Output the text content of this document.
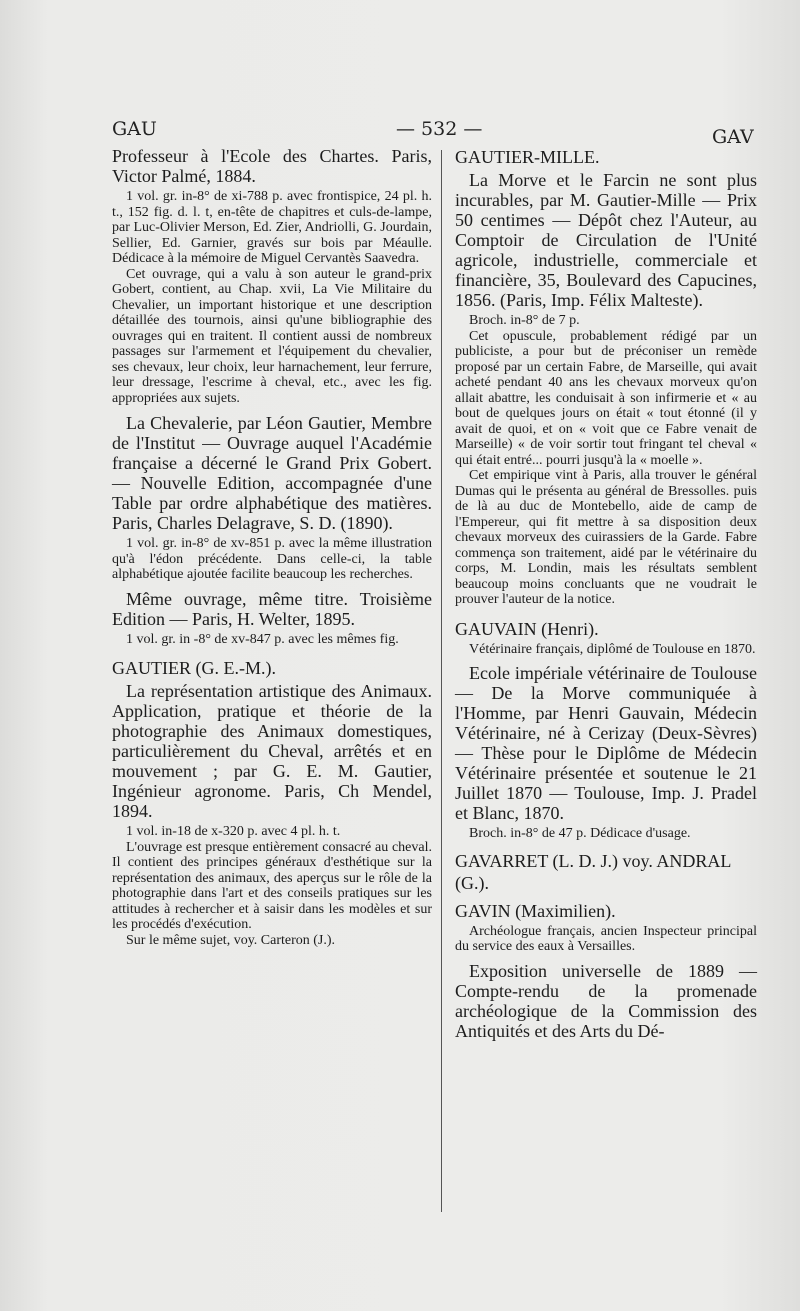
GAU	— 532 —	GAV

Professeur à l'Ecole des Chartes. Paris, Victor Palmé, 1884.

1 vol. gr. in-8° de xi-788 p. avec frontispice, 24 pl. h. t., 152 fig. d. l. t, en-tête de chapitres et culs-de-lampe, par Luc-Olivier Merson, Ed. Zier, Andriolli, G. Jourdain, Sellier, Ed. Garnier, gravés sur bois par Méaulle. Dédicace à la mémoire de Miguel Cervantès Saavedra.

Cet ouvrage, qui a valu à son auteur le grand-prix Gobert, contient, au Chap. xvii, La Vie Militaire du Chevalier, un important historique et une description détaillée des tournois, ainsi qu'une bibliographie des ouvrages qui en traitent. Il contient aussi de nombreux passages sur l'armement et l'équipement du chevalier, ses chevaux, leur choix, leur harnachement, leur ferrure, leur dressage, l'escrime à cheval, etc., avec les fig. appropriées aux sujets.

La Chevalerie, par Léon Gautier, Membre de l'Institut — Ouvrage auquel l'Académie française a décerné le Grand Prix Gobert. — Nouvelle Edition, accompagnée d'une Table par ordre alphabétique des matières. Paris, Charles Delagrave, S. D. (1890).

1 vol. gr. in-8° de xv-851 p. avec la même illustration qu'à l'édon précédente. Dans celle-ci, la table alphabétique ajoutée facilite beaucoup les recherches.

Même ouvrage, même titre. Troisième Edition — Paris, H. Welter, 1895.

1 vol. gr. in -8° de xv-847 p. avec les mêmes fig.

GAUTIER (G. E.-M.).

La représentation artistique des Animaux. Application, pratique et théorie de la photographie des Animaux domestiques, particulièrement du Cheval, arrêtés et en mouvement ; par G. E. M. Gautier, Ingénieur agronome. Paris, Ch Mendel, 1894.

1 vol. in-18 de x-320 p. avec 4 pl. h. t.

L'ouvrage est presque entièrement consacré au cheval. Il contient des principes généraux d'esthétique sur la représentation des animaux, des aperçus sur le rôle de la photographie dans l'art et des conseils pratiques sur les attitudes à rechercher et à saisir dans les modèles et sur les procédés d'exécution.

Sur le même sujet, voy. Carteron (J.).

GAUTIER-MILLE.

La Morve et le Farcin ne sont plus incurables, par M. Gautier-Mille — Prix 50 centimes — Dépôt chez l'Auteur, au Comptoir de Circulation de l'Unité agricole, industrielle, commerciale et financière, 35, Boulevard des Capucines, 1856. (Paris, Imp. Félix Malteste).

Broch. in-8° de 7 p.

Cet opuscule, probablement rédigé par un publiciste, a pour but de préconiser un remède proposé par un certain Fabre, de Marseille, qui avait acheté pendant 40 ans les chevaux morveux qu'on allait abattre, les conduisait à son infirmerie et « au bout de quelques jours on était « tout étonné (il y avait de quoi, et on « voit que ce Fabre venait de Marseille) « de voir sortir tout fringant tel cheval « qui était entré... pourri jusqu'à la « moelle ».

Cet empirique vint à Paris, alla trouver le général Dumas qui le présenta au général de Bressolles. puis de là au duc de Montebello, aide de camp de l'Empereur, qui fit mettre à sa disposition deux chevaux morveux des cuirassiers de la Garde. Fabre commença son traitement, aidé par le vétérinaire du corps, M. Londin, mais les résultats semblent beaucoup moins concluants que ne voudrait le prouver l'auteur de la notice.

GAUVAIN (Henri).

Vétérinaire français, diplômé de Toulouse en 1870.

Ecole impériale vétérinaire de Toulouse — De la Morve communiquée à l'Homme, par Henri Gauvain, Médecin Vétérinaire, né à Cerizay (Deux-Sèvres) — Thèse pour le Diplôme de Médecin Vétérinaire présentée et soutenue le 21 Juillet 1870 — Toulouse, Imp. J. Pradel et Blanc, 1870.

Broch. in-8° de 47 p. Dédicace d'usage.

GAVARRET (L. D. J.) voy. ANDRAL (G.).

GAVIN (Maximilien).

Archéologue français, ancien Inspecteur principal du service des eaux à Versailles.

Exposition universelle de 1889 — Compte-rendu de la promenade archéologique de la Commission des Antiquités et des Arts du Dé-
